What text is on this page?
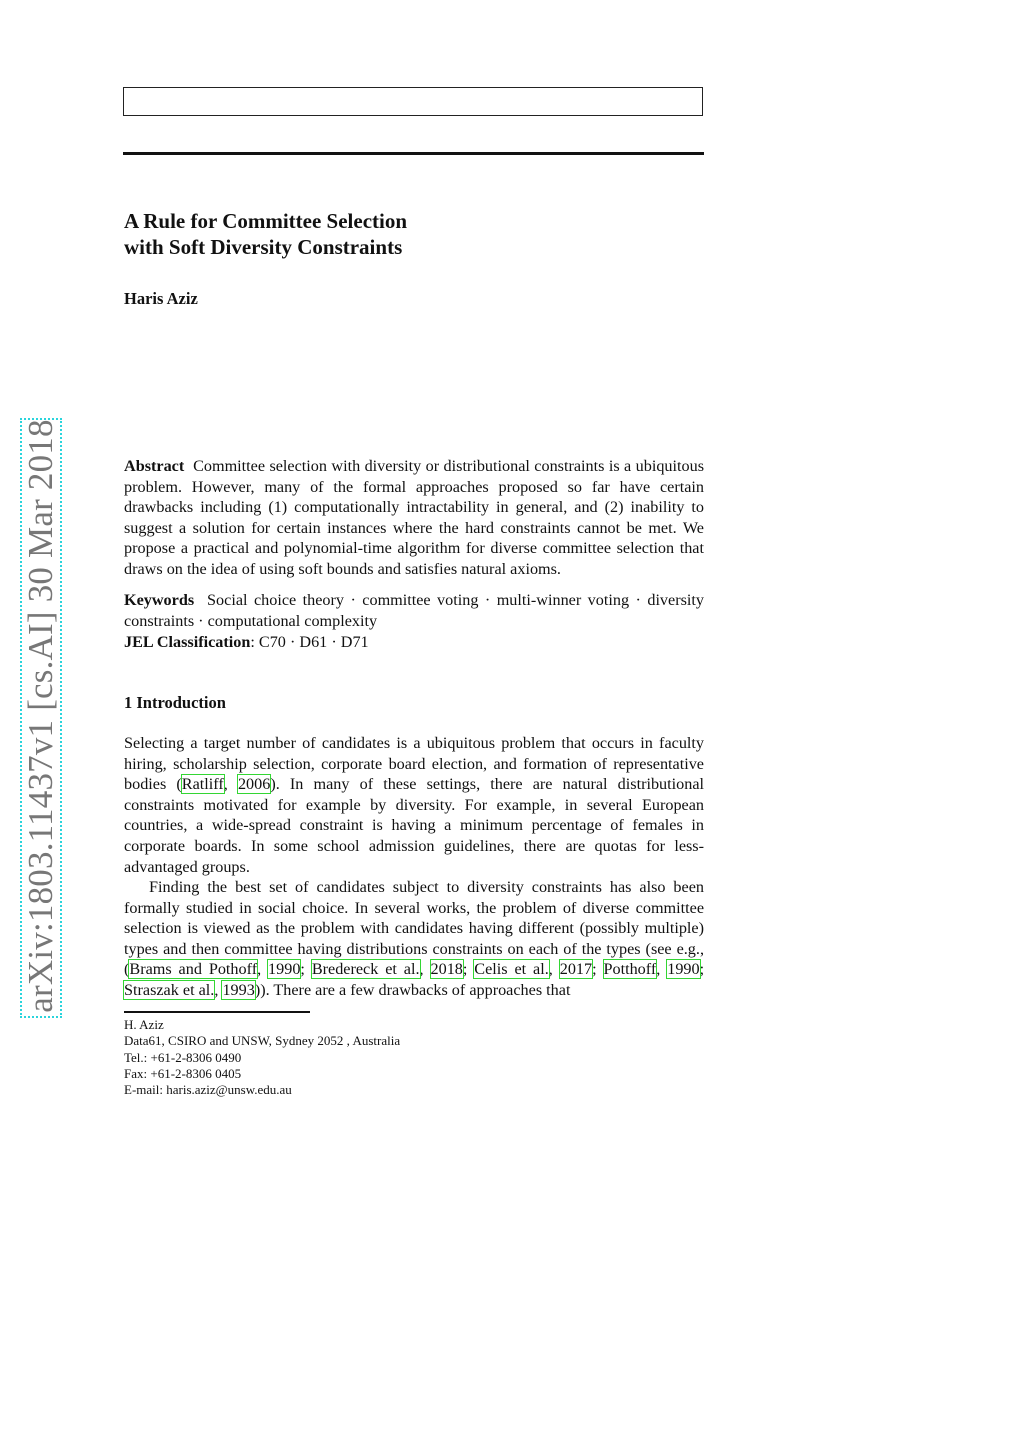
A Rule for Committee Selection
with Soft Diversity Constraints

Haris Aziz

arXiv:1803.11437v1 [cs.AI] 30 Mar 2018	Abstract Committee selection with diversity or distributional constraints is a ubiquitous problem. However, many of the formal approaches proposed so far have certain drawbacks including (1) computationally intractability in general, and (2) inability to suggest a solution for certain instances where the hard constraints cannot be met. We propose a practical and polynomial-time algorithm for diverse committee selection that draws on the idea of using soft bounds and satisfies natural axioms.

Keywords Social choice theory · committee voting · multi-winner voting · diversity constraints · computational complexity

JEL Classification: C70 · D61 · D71

1 Introduction

Selecting a target number of candidates is a ubiquitous problem that occurs in faculty hiring, scholarship selection, corporate board election, and formation of representative bodies (Ratliff, 2006). In many of these settings, there are natural distributional constraints motivated for example by diversity. For example, in several European countries, a wide-spread constraint is having a minimum percentage of females in corporate boards. In some school admission guidelines, there are quotas for less-advantaged groups.

Finding the best set of candidates subject to diversity constraints has also been formally studied in social choice. In several works, the problem of diverse committee selection is viewed as the problem with candidates having different (possibly multiple) types and then committee having distributions constraints on each of the types (see e.g., (Brams and Pothoff, 1990; Bredereck et al., 2018; Celis et al., 2017; Potthoff, 1990; Straszak et al., 1993)). There are a few drawbacks of approaches that

H. Aziz
Data61, CSIRO and UNSW, Sydney 2052 , Australia
Tel.: +61-2-8306 0490
Fax: +61-2-8306 0405
E-mail: haris.aziz@unsw.edu.au
